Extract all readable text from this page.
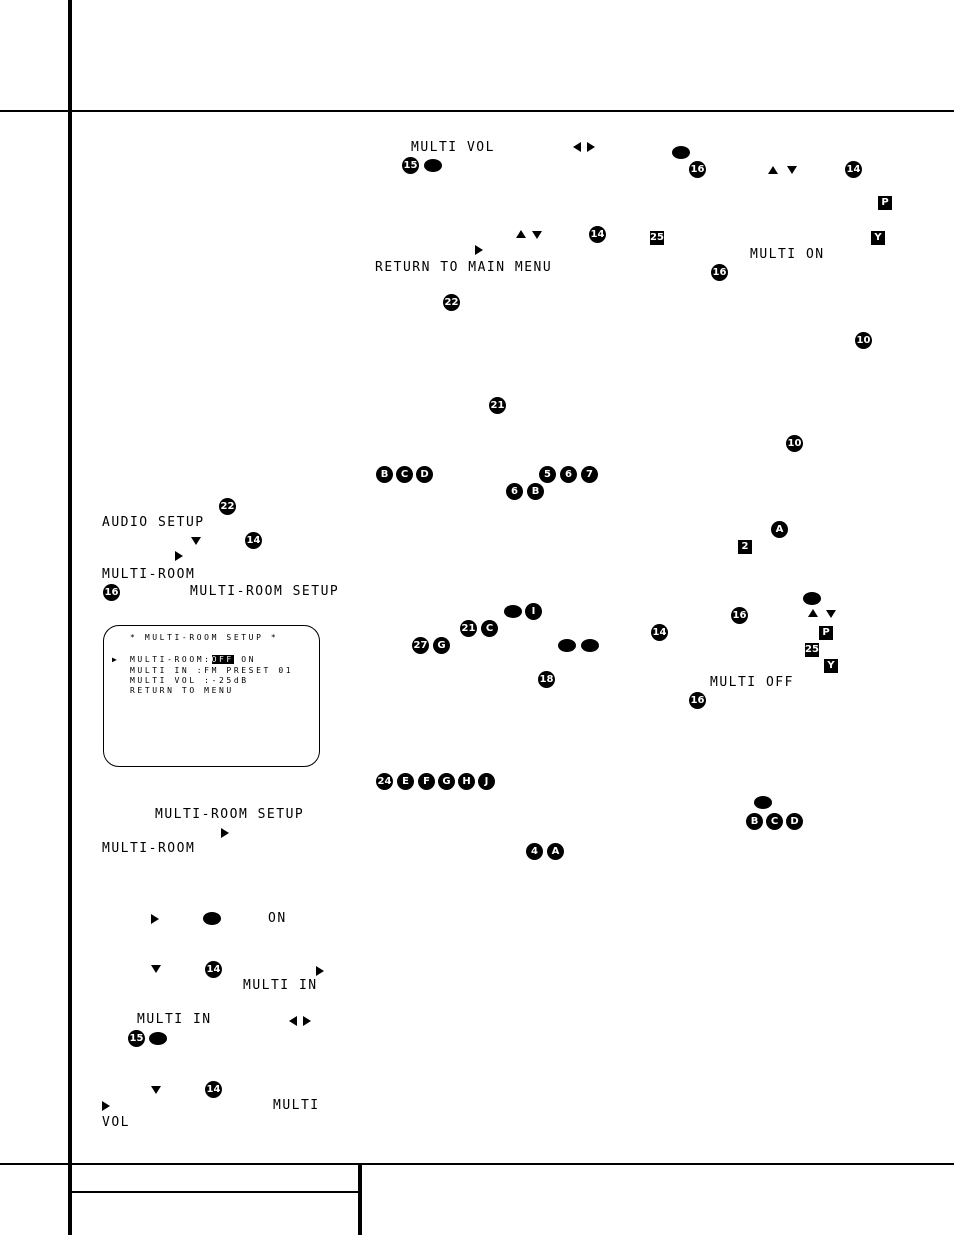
22
AUDIO SETUP
14
MULTI-ROOM
16	MULTI-ROOM SETUP
* MULTI-ROOM SETUP *
▶ MULTI-ROOM:OFF ON
MULTI IN :FM PRESET 01
MULTI VOL :-25dB
RETURN TO MENU
MULTI-ROOM SETUP
MULTI-ROOM
ON
14
MULTI IN
MULTI IN
15
14
MULTI
VOL
MULTI VOL
15	16	14
P
14	25	Y
MULTI ON
RETURN TO MAIN MENU	16
22
10
21
10
B	C	D	5	6	7
6	B
A
2
I	16
21	C	14	P
27 G	25
Y
18	MULTI OFF
16
24	E	F	G	H	J
B	C	D
4	A
